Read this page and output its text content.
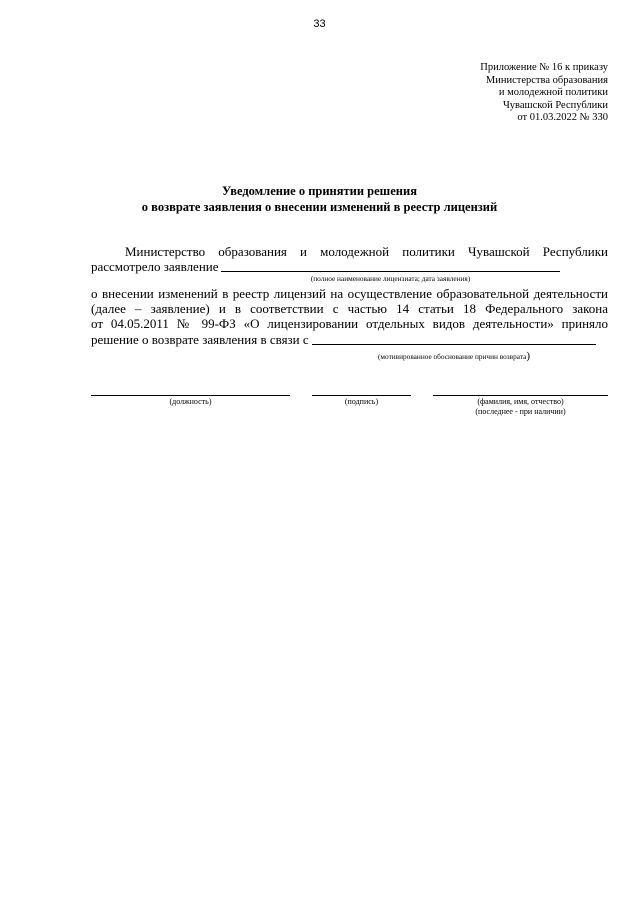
33
Приложение № 16 к приказу
Министерства образования
и молодежной политики
Чувашской Республики
от 01.03.2022 № 330
Уведомление о принятии решения
о возврате заявления о внесении изменений в реестр лицензий
Министерство образования и молодежной политики Чувашской Республики
рассмотрело заявление
(полное наименование лицензиата; дата заявления)
о внесении изменений в реестр лицензий на осуществление образовательной деятельности
(далее – заявление) и в соответствии с частью 14 статьи 18 Федерального закона
от 04.05.2011 № 99-ФЗ «О лицензировании отдельных видов деятельности» приняло
решение о возврате заявления в связи с
(мотивированное обоснование причин возврата)
(должность)	(подпись)	(фамилия, имя, отчество)
(последнее - при наличии)
